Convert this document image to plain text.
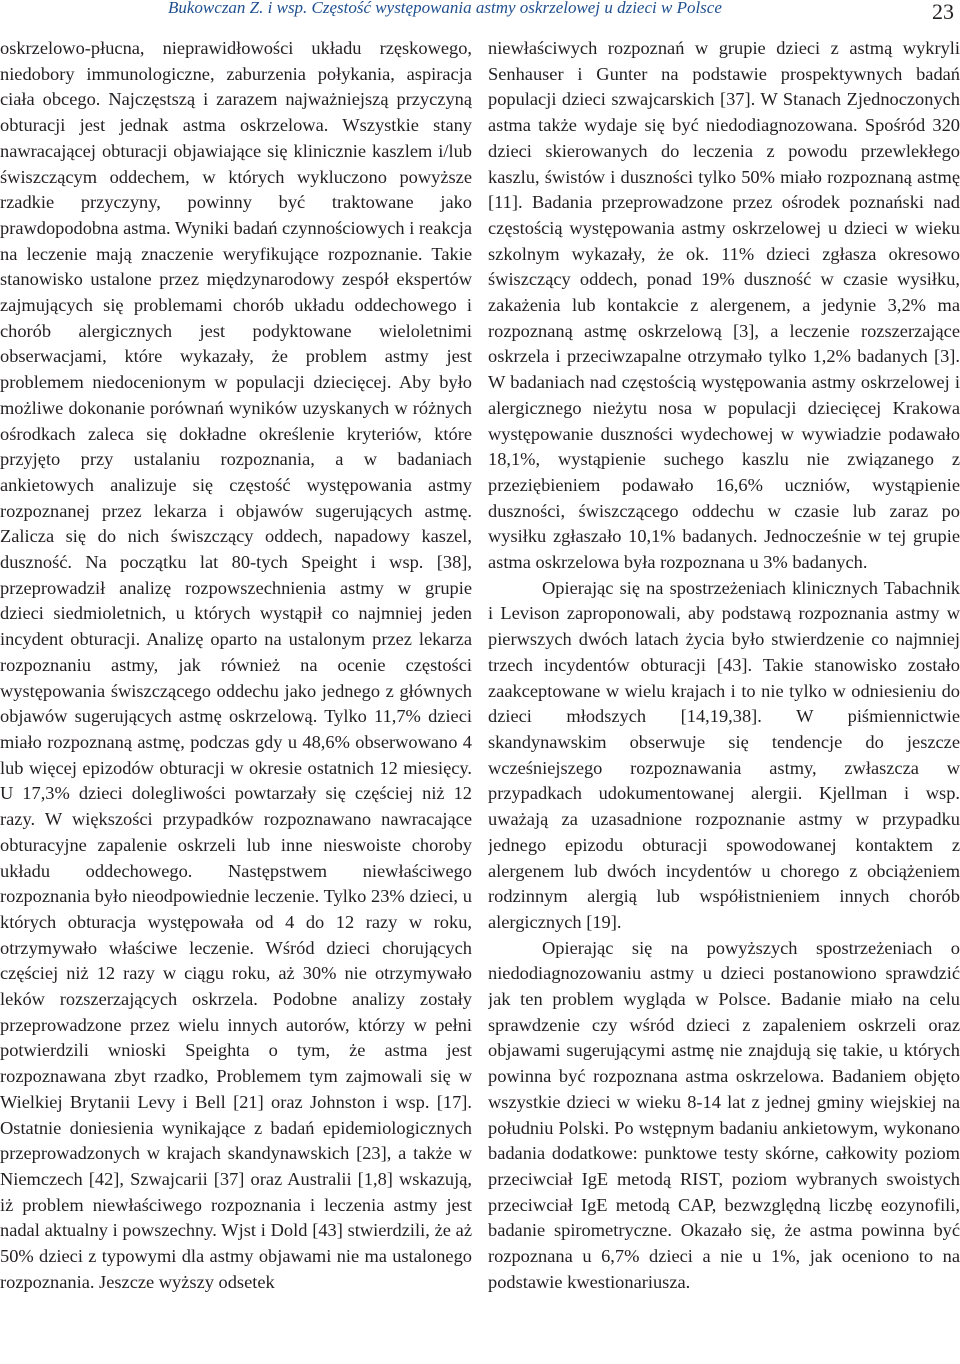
Bukowczan Z. i wsp. Częstość występowania astmy oskrzelowej u dzieci w Polsce	23

oskrzelowo-płucna, nieprawidłowości układu rzęskowego, niedobory immunologiczne, zaburzenia połykania, aspiracja ciała obcego. Najczęstszą i zarazem najważniejszą przyczyną obturacji jest jednak astma oskrzelowa. Wszystkie stany nawracającej obturacji objawiające się klinicznie kaszlem i/lub świszczącym oddechem, w których wykluczono powyższe rzadkie przyczyny, powinny być traktowane jako prawdopodobna astma. Wyniki badań czynnościowych i reakcja na leczenie mają znaczenie weryfikujące rozpoznanie. Takie stanowisko ustalone przez międzynarodowy zespół ekspertów zajmujących się problemami chorób układu oddechowego i chorób alergicznych jest podyktowane wieloletnimi obserwacjami, które wykazały, że problem astmy jest problemem niedocenionym w populacji dziecięcej. Aby było możliwe dokonanie porównań wyników uzyskanych w różnych ośrodkach zaleca się dokładne określenie kryteriów, które przyjęto przy ustalaniu rozpoznania, a w badaniach ankietowych analizuje się częstość występowania astmy rozpoznanej przez lekarza i objawów sugerujących astmę. Zalicza się do nich świszczący oddech, napadowy kaszel, duszność. Na początku lat 80-tych Speight i wsp. [38], przeprowadził analizę rozpowszechnienia astmy w grupie dzieci siedmioletnich, u których wystąpił co najmniej jeden incydent obturacji. Analizę oparto na ustalonym przez lekarza rozpoznaniu astmy, jak również na ocenie częstości występowania świszczącego oddechu jako jednego z głównych objawów sugerujących astmę oskrzelową. Tylko 11,7% dzieci miało rozpoznaną astmę, podczas gdy u 48,6% obserwowano 4 lub więcej epizodów obturacji w okresie ostatnich 12 miesięcy. U 17,3% dzieci dolegliwości powtarzały się częściej niż 12 razy. W większości przypadków rozpoznawano nawracające obturacyjne zapalenie oskrzeli lub inne nieswoiste choroby układu oddechowego. Następstwem niewłaściwego rozpoznania było nieodpowiednie leczenie. Tylko 23% dzieci, u których obturacja występowała od 4 do 12 razy w roku, otrzymywało właściwe leczenie. Wśród dzieci chorujących częściej niż 12 razy w ciągu roku, aż 30% nie otrzymywało leków rozszerzających oskrzela. Podobne analizy zostały przeprowadzone przez wielu innych autorów, którzy w pełni potwierdzili wnioski Speighta o tym, że astma jest rozpoznawana zbyt rzadko, Problemem tym zajmowali się w Wielkiej Brytanii Levy i Bell [21] oraz Johnston i wsp. [17]. Ostatnie doniesienia wynikające z badań epidemiologicznych przeprowadzonych w krajach skandynawskich [23], a także w Niemczech [42], Szwajcarii [37] oraz Australii [1,8] wskazują, iż problem niewłaściwego rozpoznania i leczenia astmy jest nadal aktualny i powszechny. Wjst i Dold [43] stwierdzili, że aż 50% dzieci z typowymi dla astmy objawami nie ma ustalonego rozpoznania. Jeszcze wyższy odsetek

niewłaściwych rozpoznań w grupie dzieci z astmą wykryli Senhauser i Gunter na podstawie prospektywnych badań populacji dzieci szwajcarskich [37]. W Stanach Zjednoczonych astma także wydaje się być niedodiagnozowana. Spośród 320 dzieci skierowanych do leczenia z powodu przewlekłego kaszlu, świstów i duszności tylko 50% miało rozpoznaną astmę [11]. Badania przeprowadzone przez ośrodek poznański nad częstością występowania astmy oskrzelowej u dzieci w wieku szkolnym wykazały, że ok. 11% dzieci zgłasza okresowo świszczący oddech, ponad 19% duszność w czasie wysiłku, zakażenia lub kontakcie z alergenem, a jedynie 3,2% ma rozpoznaną astmę oskrzelową [3], a leczenie rozszerzające oskrzela i przeciwzapalne otrzymało tylko 1,2% badanych [3]. W badaniach nad częstością występowania astmy oskrzelowej i alergicznego nieżytu nosa w populacji dziecięcej Krakowa występowanie duszności wydechowej w wywiadzie podawało 18,1%, wystąpienie suchego kaszlu nie związanego z przeziębieniem podawało 16,6% uczniów, wystąpienie duszności, świszczącego oddechu w czasie lub zaraz po wysiłku zgłaszało 10,1% badanych. Jednocześnie w tej grupie astma oskrzelowa była rozpoznana u 3% badanych.

Opierając się na spostrzeżeniach klinicznych Tabachnik i Levison zaproponowali, aby podstawą rozpoznania astmy w pierwszych dwóch latach życia było stwierdzenie co najmniej trzech incydentów obturacji [43]. Takie stanowisko zostało zaakceptowane w wielu krajach i to nie tylko w odniesieniu do dzieci młodszych [14,19,38]. W piśmiennictwie skandynawskim obserwuje się tendencje do jeszcze wcześniejszego rozpoznawania astmy, zwłaszcza w przypadkach udokumentowanej alergii. Kjellman i wsp. uważają za uzasadnione rozpoznanie astmy w przypadku jednego epizodu obturacji spowodowanej kontaktem z alergenem lub dwóch incydentów u chorego z obciążeniem rodzinnym alergią lub współistnieniem innych chorób alergicznych [19].

Opierając się na powyższych spostrzeżeniach o niedodiagnozowaniu astmy u dzieci postanowiono sprawdzić jak ten problem wygląda w Polsce. Badanie miało na celu sprawdzenie czy wśród dzieci z zapaleniem oskrzeli oraz objawami sugerującymi astmę nie znajdują się takie, u których powinna być rozpoznana astma oskrzelowa. Badaniem objęto wszystkie dzieci w wieku 8-14 lat z jednej gminy wiejskiej na południu Polski. Po wstępnym badaniu ankietowym, wykonano badania dodatkowe: punktowe testy skórne, całkowity poziom przeciwciał IgE metodą RIST, poziom wybranych swoistych przeciwciał IgE metodą CAP, bezwzględną liczbę eozynofili, badanie spirometryczne. Okazało się, że astma powinna być rozpoznana u 6,7% dzieci a nie u 1%, jak oceniono to na podstawie kwestionariusza.
